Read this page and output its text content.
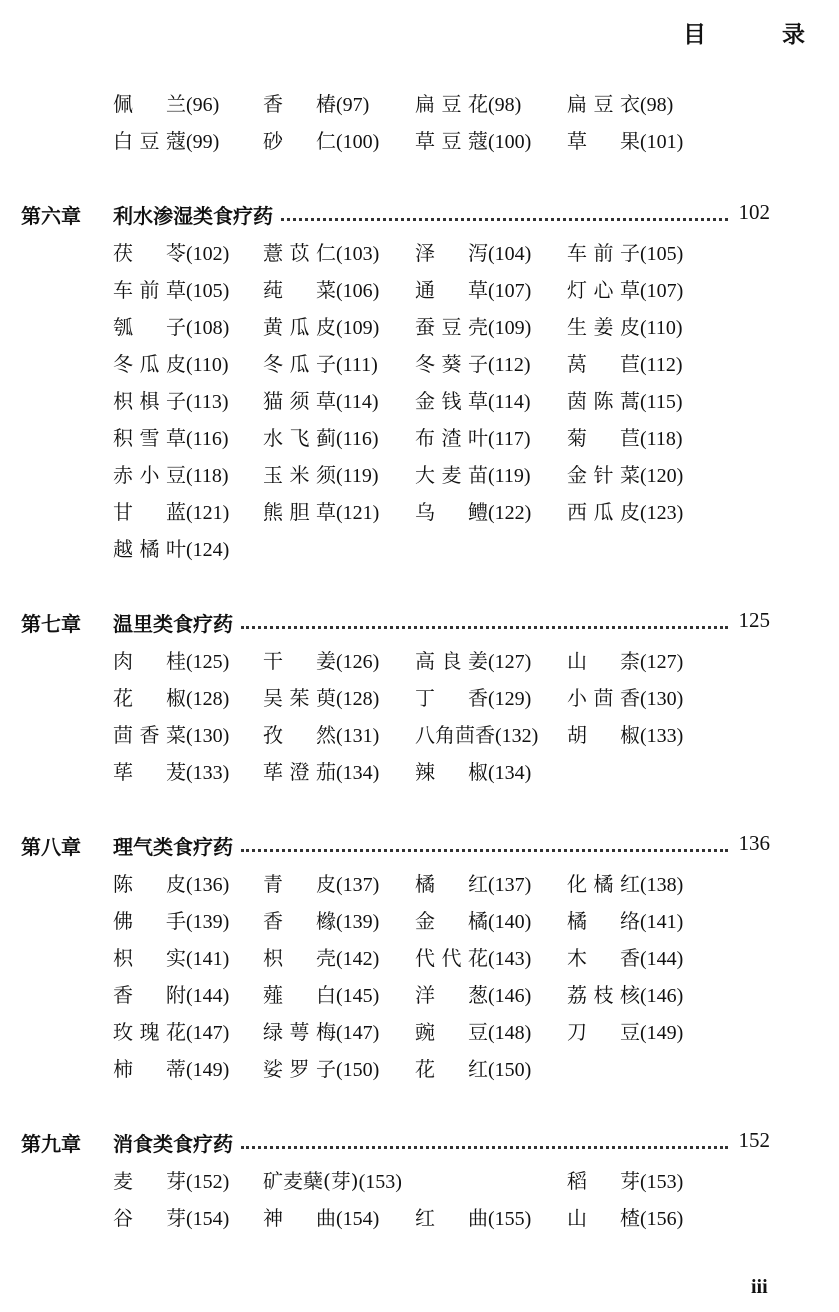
目 录
佩兰(96) 香椿(97) 扁豆花(98) 扁豆衣(98)
白豆蔻(99) 砂仁(100) 草豆蔻(100) 草果(101)
第六章 利水渗湿类食疗药	102
茯苓(102) 薏苡仁(103) 泽泻(104) 车前子(105)
车前草(105) 莼菜(106) 通草(107) 灯心草(107)
瓠子(108) 黄瓜皮(109) 蚕豆壳(109) 生姜皮(110)
冬瓜皮(110) 冬瓜子(111) 冬葵子(112) 莴苣(112)
枳椇子(113) 猫须草(114) 金钱草(114) 茵陈蒿(115)
积雪草(116) 水飞蓟(116) 布渣叶(117) 菊苣(118)
赤小豆(118) 玉米须(119) 大麦苗(119) 金针菜(120)
甘蓝(121) 熊胆草(121) 乌鳢(122) 西瓜皮(123)
越橘叶(124)
第七章 温里类食疗药	125
肉桂(125) 干姜(126) 高良姜(127) 山柰(127)
花椒(128) 吴茱萸(128) 丁香(129) 小茴香(130)
茴香菜(130) 孜然(131) 八角茴香(132) 胡椒(133)
荜茇(133) 荜澄茄(134) 辣椒(134)
第八章 理气类食疗药	136
陈皮(136) 青皮(137) 橘红(137) 化橘红(138)
佛手(139) 香橼(139) 金橘(140) 橘络(141)
枳实(141) 枳壳(142) 代代花(143) 木香(144)
香附(144) 薤白(145) 洋葱(146) 荔枝核(146)
玫瑰花(147) 绿萼梅(147) 豌豆(148) 刀豆(149)
柿蒂(149) 娑罗子(150) 花红(150)
第九章 消食类食疗药	152
麦芽(152) 矿麦蘖(芽)(153)	稻芽(153)
谷芽(154) 神曲(154) 红曲(155) 山楂(156)
iii
